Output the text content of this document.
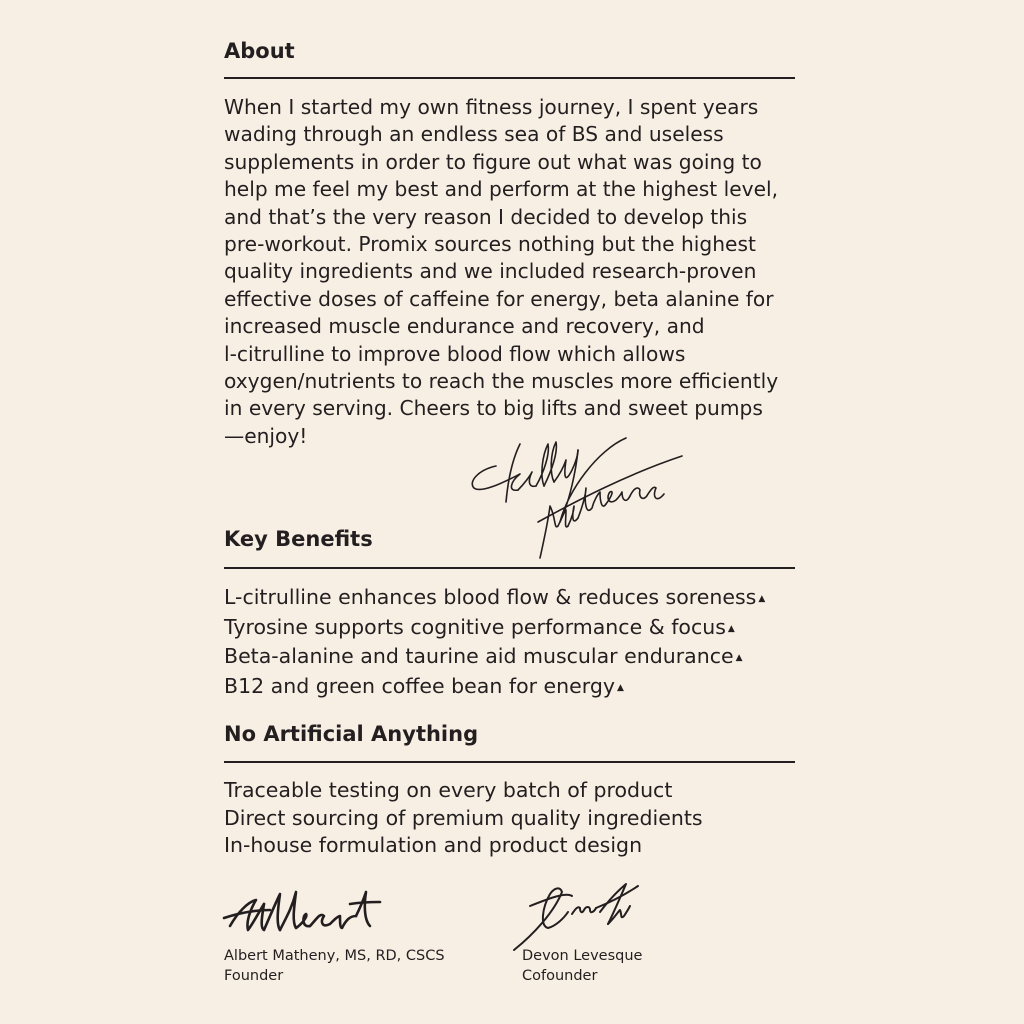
About
When I started my own fitness journey, I spent years
wading through an endless sea of BS and useless
supplements in order to figure out what was going to
help me feel my best and perform at the highest level,
and that’s the very reason I decided to develop this
pre-workout. Promix sources nothing but the highest
quality ingredients and we included research-proven
effective doses of caffeine for energy, beta alanine for
increased muscle endurance and recovery, and
l-citrulline to improve blood flow which allows
oxygen/nutrients to reach the muscles more efficiently
in every serving. Cheers to big lifts and sweet pumps
—enjoy!
Key Benefits
L-citrulline enhances blood flow & reduces soreness ▲
Tyrosine supports cognitive performance & focus ▲
Beta-alanine and taurine aid muscular endurance ▲
B12 and green coffee bean for energy ▲
No Artificial Anything
Traceable testing on every batch of product
Direct sourcing of premium quality ingredients
In-house formulation and product design
Albert Matheny, MS, RD, CSCS
Founder
Devon Levesque
Cofounder
